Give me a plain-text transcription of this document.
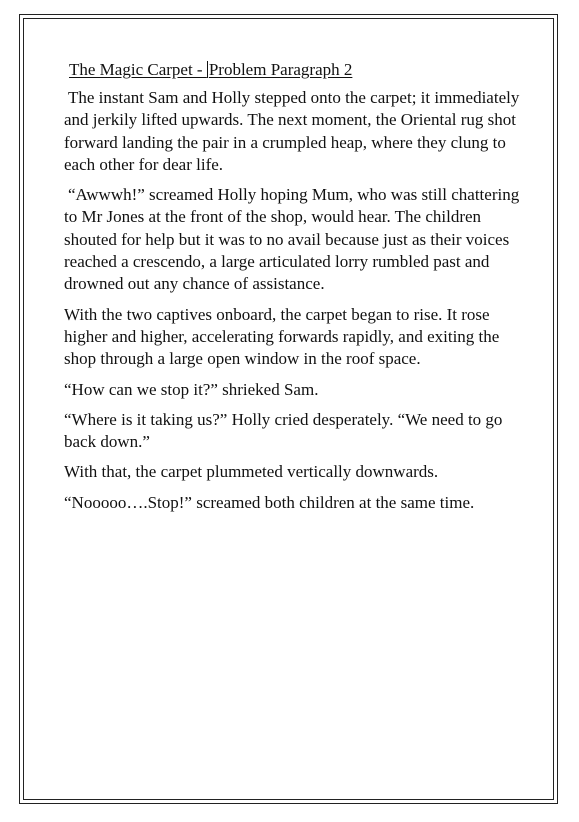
The Magic Carpet - Problem Paragraph 2

The instant Sam and Holly stepped onto the carpet; it immediately and jerkily lifted upwards. The next moment, the Oriental rug shot forward landing the pair in a crumpled heap, where they clung to each other for dear life.

“Awwwh!” screamed Holly hoping Mum, who was still chattering to Mr Jones at the front of the shop, would hear. The children shouted for help but it was to no avail because just as their voices reached a crescendo, a large articulated lorry rumbled past and drowned out any chance of assistance.

With the two captives onboard, the carpet began to rise. It rose higher and higher, accelerating forwards rapidly, and exiting the shop through a large open window in the roof space.

“How can we stop it?” shrieked Sam.

“Where is it taking us?” Holly cried desperately. “We need to go back down.”

With that, the carpet plummeted vertically downwards.

“Nooooo….Stop!” screamed both children at the same time.
